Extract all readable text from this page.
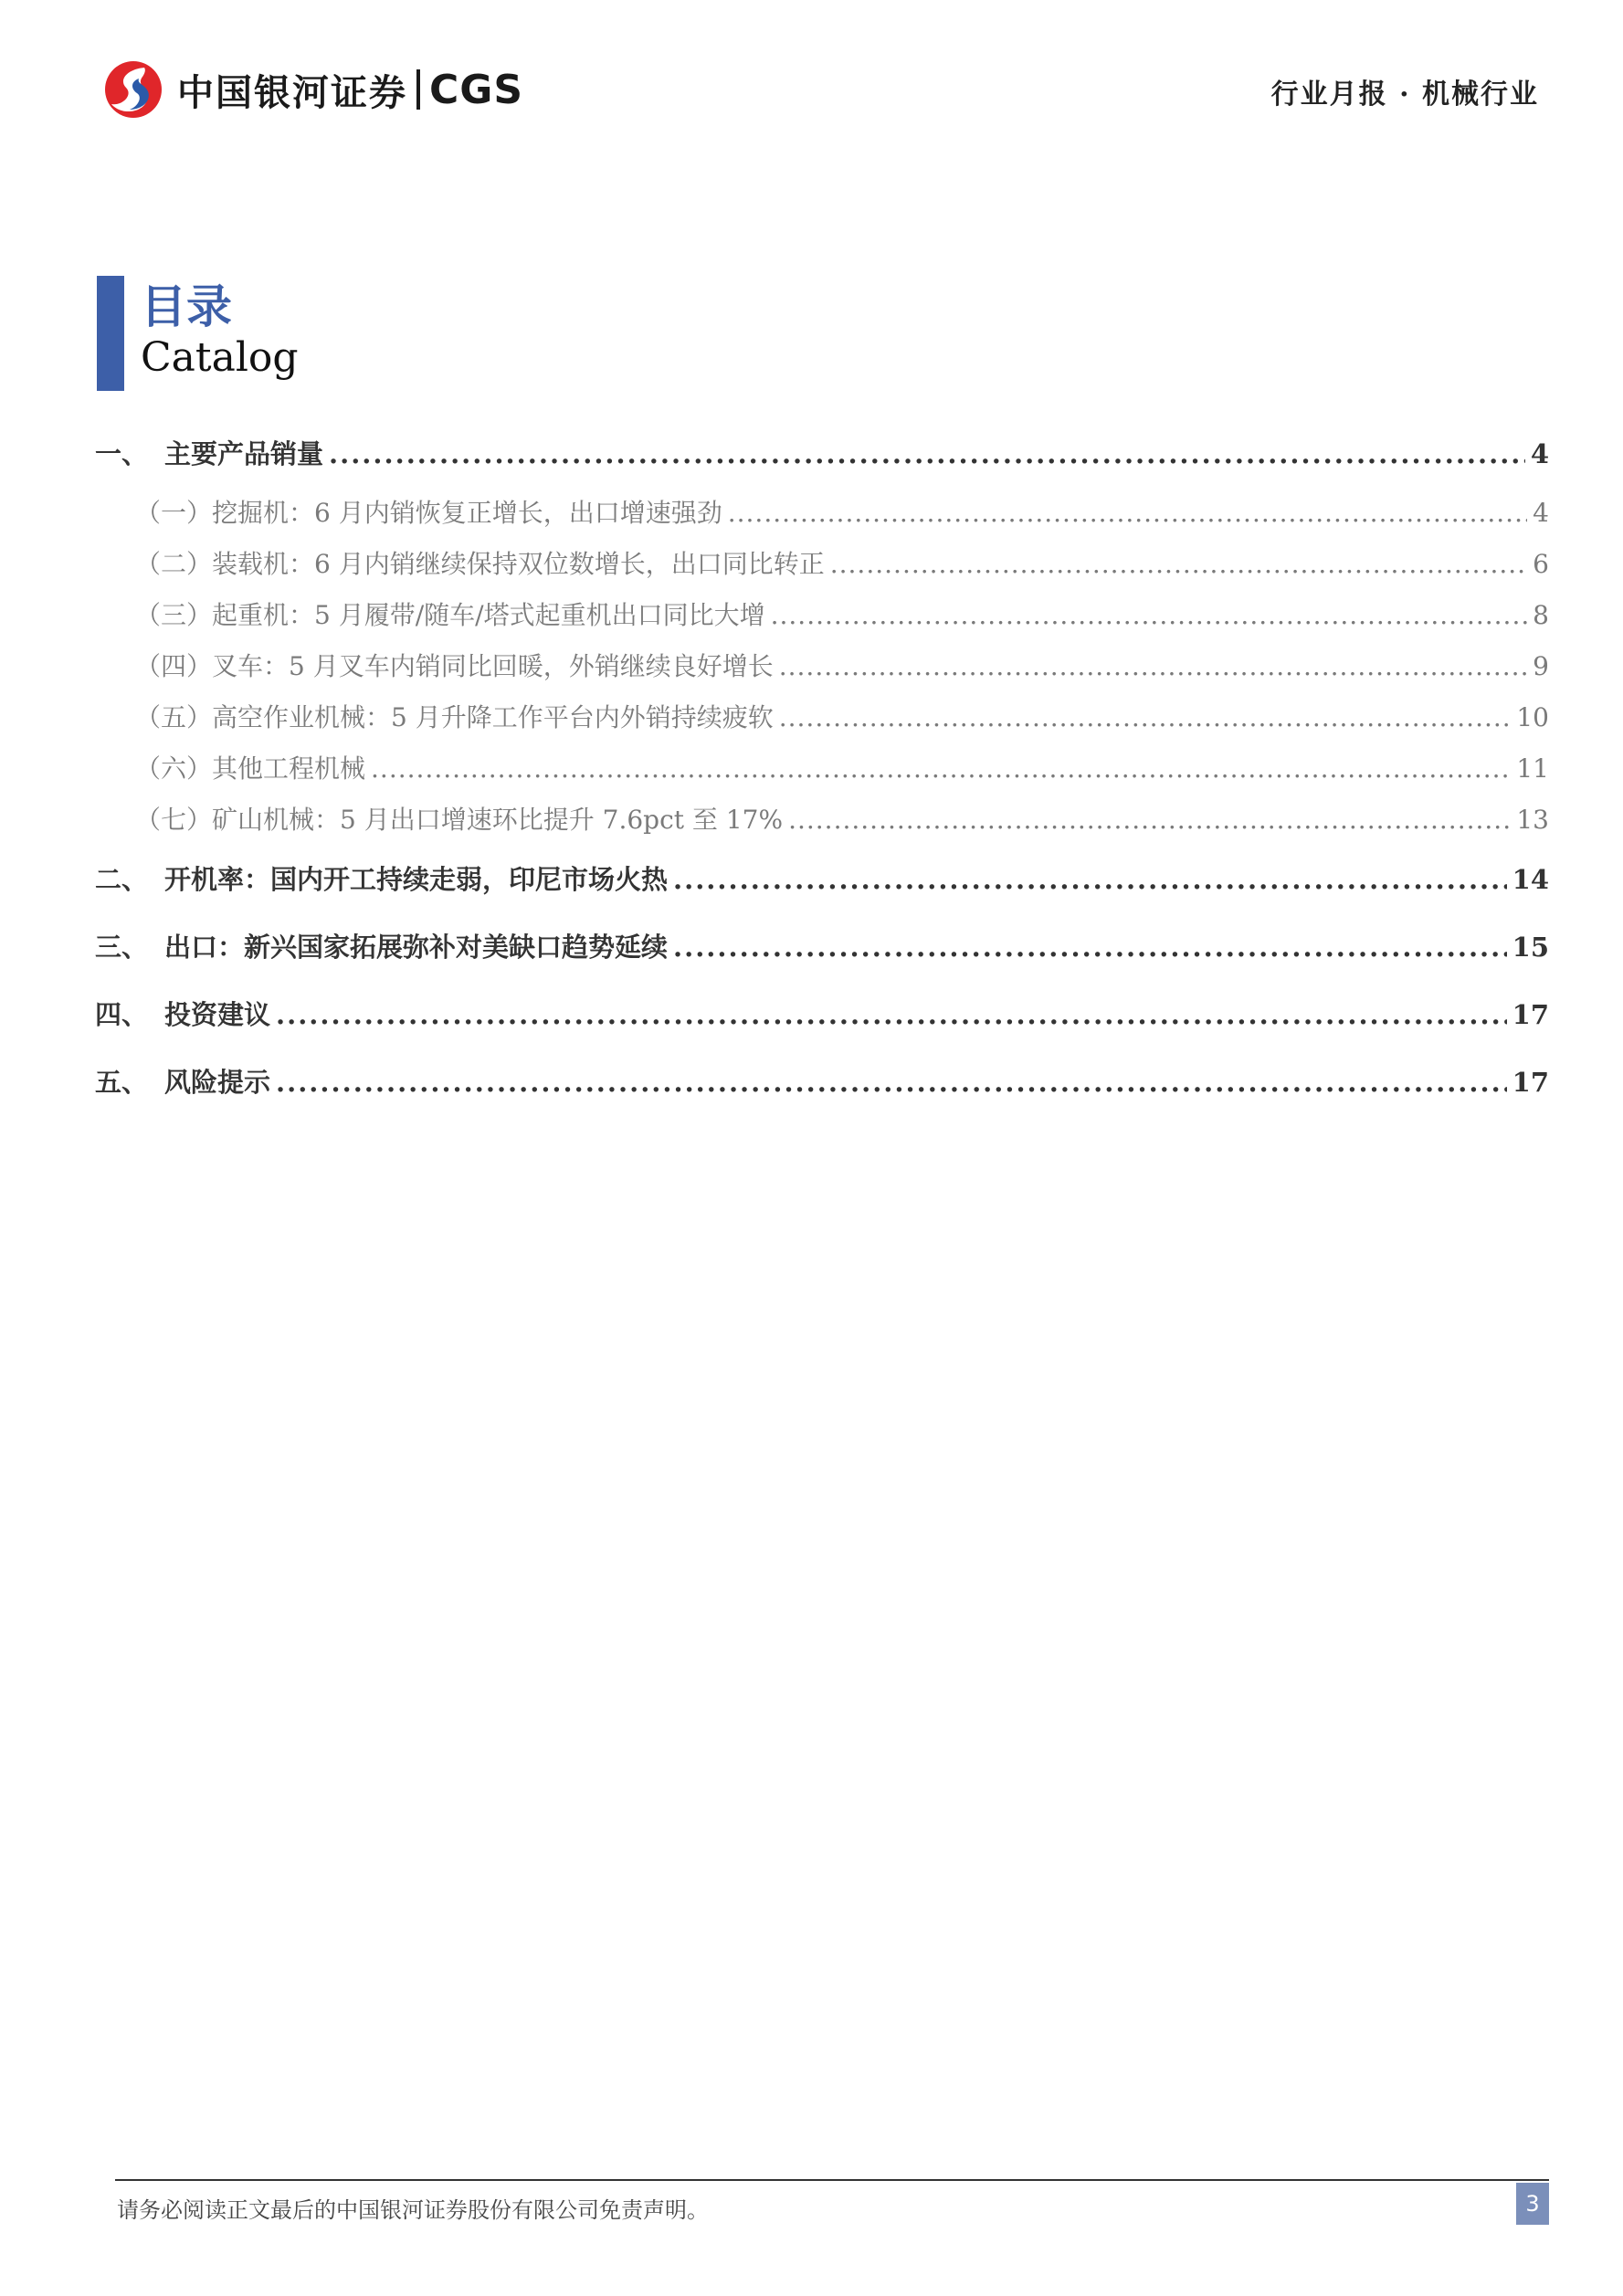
中国银河证券 CGS	行业月报 · 机械行业
目录
Catalog
一、 主要产品销量 .....	4
（一） 挖掘机：6 月内销恢复正增长，出口增速强劲 .....	4
（二） 装载机：6 月内销继续保持双位数增长，出口同比转正 .....	6
（三） 起重机：5 月履带/随车/塔式起重机出口同比大增 .....	8
（四） 叉车：5 月叉车内销同比回暖，外销继续良好增长 .....	9
（五） 高空作业机械：5 月升降工作平台内外销持续疲软 .....	10
（六） 其他工程机械 .....	11
（七） 矿山机械：5 月出口增速环比提升 7.6pct 至 17% .....	13
二、 开机率：国内开工持续走弱，印尼市场火热 .....	14
三、 出口：新兴国家拓展弥补对美缺口趋势延续 .....	15
四、 投资建议 .....	17
五、 风险提示 .....	17
请务必阅读正文最后的中国银河证券股份有限公司免责声明。	3
